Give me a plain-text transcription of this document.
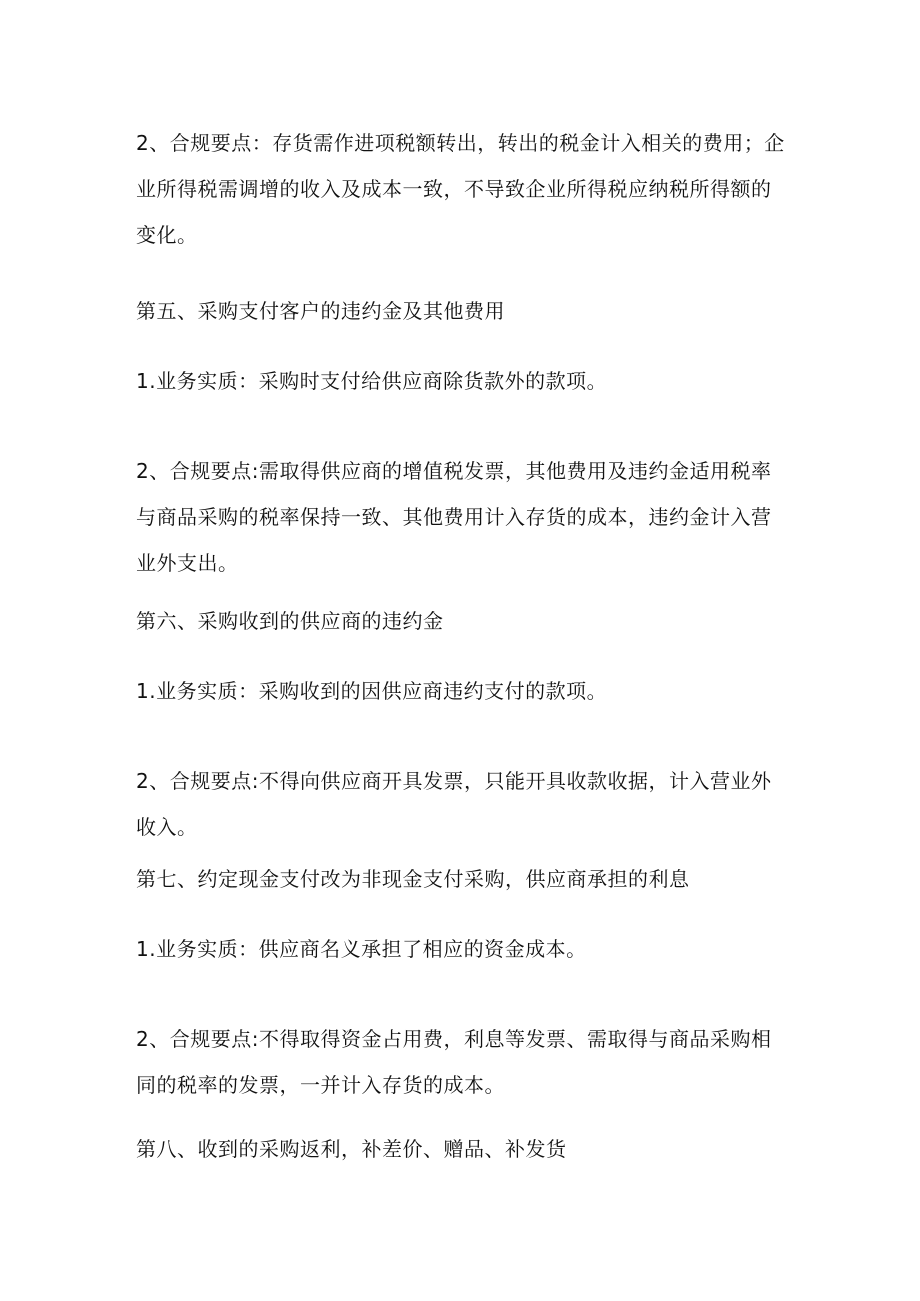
2、合规要点：存货需作进项税额转出，转出的税金计入相关的费用；企业所得税需调增的收入及成本一致，不导致企业所得税应纳税所得额的变化。

第五、采购支付客户的违约金及其他费用

1.业务实质：采购时支付给供应商除货款外的款项。

2、合规要点:需取得供应商的增值税发票，其他费用及违约金适用税率与商品采购的税率保持一致、其他费用计入存货的成本，违约金计入营业外支出。

第六、采购收到的供应商的违约金

1.业务实质：采购收到的因供应商违约支付的款项。

2、合规要点:不得向供应商开具发票，只能开具收款收据，计入营业外收入。

第七、约定现金支付改为非现金支付采购，供应商承担的利息

1.业务实质：供应商名义承担了相应的资金成本。

2、合规要点:不得取得资金占用费，利息等发票、需取得与商品采购相同的税率的发票，一并计入存货的成本。

第八、收到的采购返利，补差价、赠品、补发货
